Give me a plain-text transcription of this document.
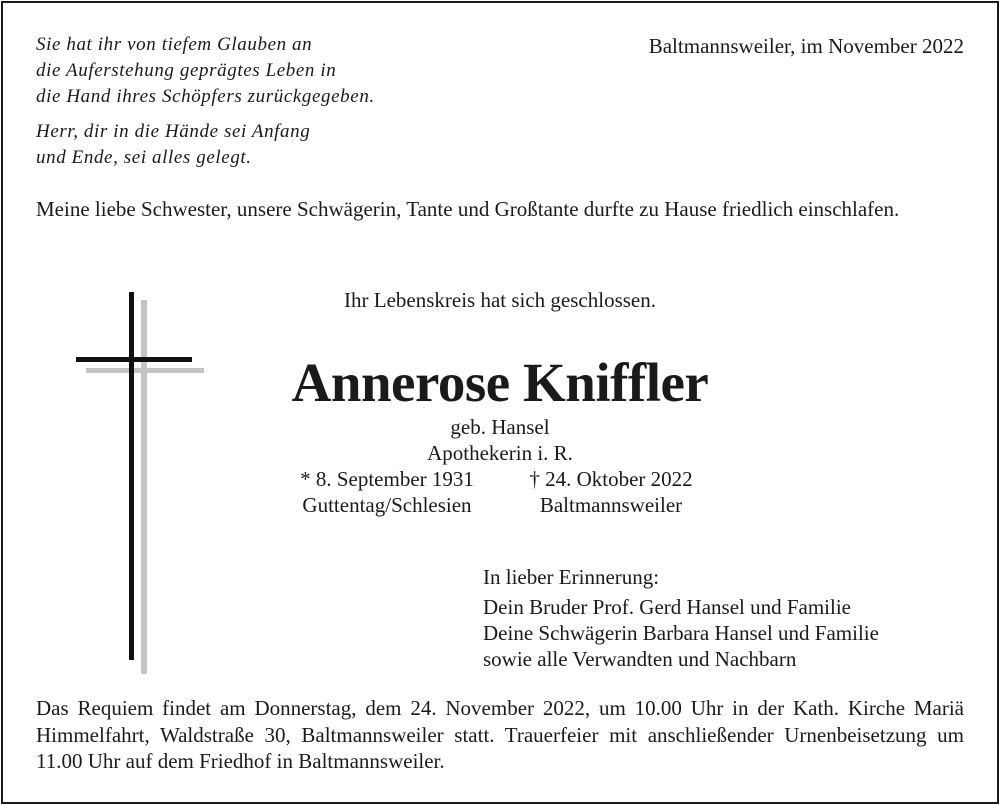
Sie hat ihr von tiefem Glauben an
die Auferstehung geprägtes Leben in
die Hand ihres Schöpfers zurückgegeben.
Herr, dir in die Hände sei Anfang
und Ende, sei alles gelegt.
Baltmannsweiler, im November 2022
Meine liebe Schwester, unsere Schwägerin, Tante und Großtante durfte zu Hause friedlich einschlafen.
Ihr Lebenskreis hat sich geschlossen.
Annerose Kniffler
geb. Hansel
Apothekerin i. R.
* 8. September 1931	† 24. Oktober 2022
Guttentag/Schlesien	Baltmannsweiler
In lieber Erinnerung:
Dein Bruder Prof. Gerd Hansel und Familie
Deine Schwägerin Barbara Hansel und Familie
sowie alle Verwandten und Nachbarn
Das Requiem findet am Donnerstag, dem 24. November 2022, um 10.00 Uhr in der Kath. Kirche Mariä Himmelfahrt, Waldstraße 30, Baltmannsweiler statt. Trauerfeier mit anschließender Urnenbeisetzung um 11.00 Uhr auf dem Friedhof in Baltmannsweiler.
